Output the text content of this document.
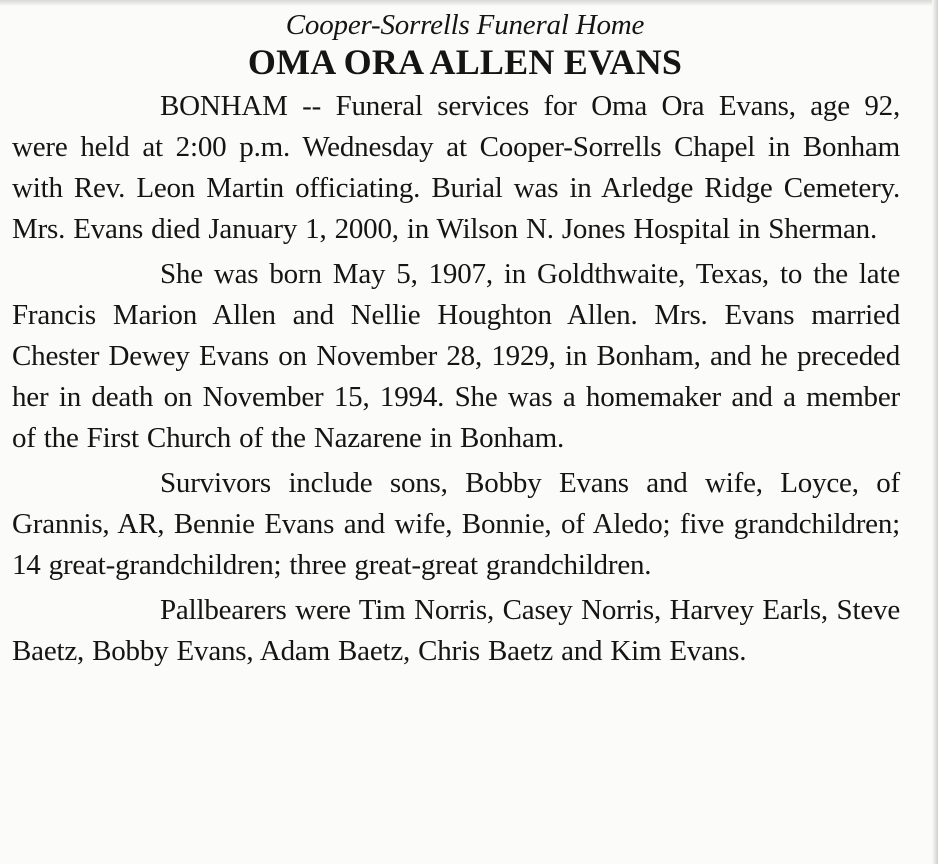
Cooper-Sorrells Funeral Home
OMA ORA ALLEN EVANS

BONHAM -- Funeral services for Oma Ora Evans, age 92, were held at 2:00 p.m. Wednesday at Cooper-Sorrells Chapel in Bonham with Rev. Leon Martin officiating. Burial was in Arledge Ridge Cemetery. Mrs. Evans died January 1, 2000, in Wilson N. Jones Hospital in Sherman.

She was born May 5, 1907, in Goldthwaite, Texas, to the late Francis Marion Allen and Nellie Houghton Allen. Mrs. Evans married Chester Dewey Evans on November 28, 1929, in Bonham, and he preceded her in death on November 15, 1994. She was a homemaker and a member of the First Church of the Nazarene in Bonham.

Survivors include sons, Bobby Evans and wife, Loyce, of Grannis, AR, Bennie Evans and wife, Bonnie, of Aledo; five grandchildren; 14 great-grandchildren; three great-great grandchildren.

Pallbearers were Tim Norris, Casey Norris, Harvey Earls, Steve Baetz, Bobby Evans, Adam Baetz, Chris Baetz and Kim Evans.
